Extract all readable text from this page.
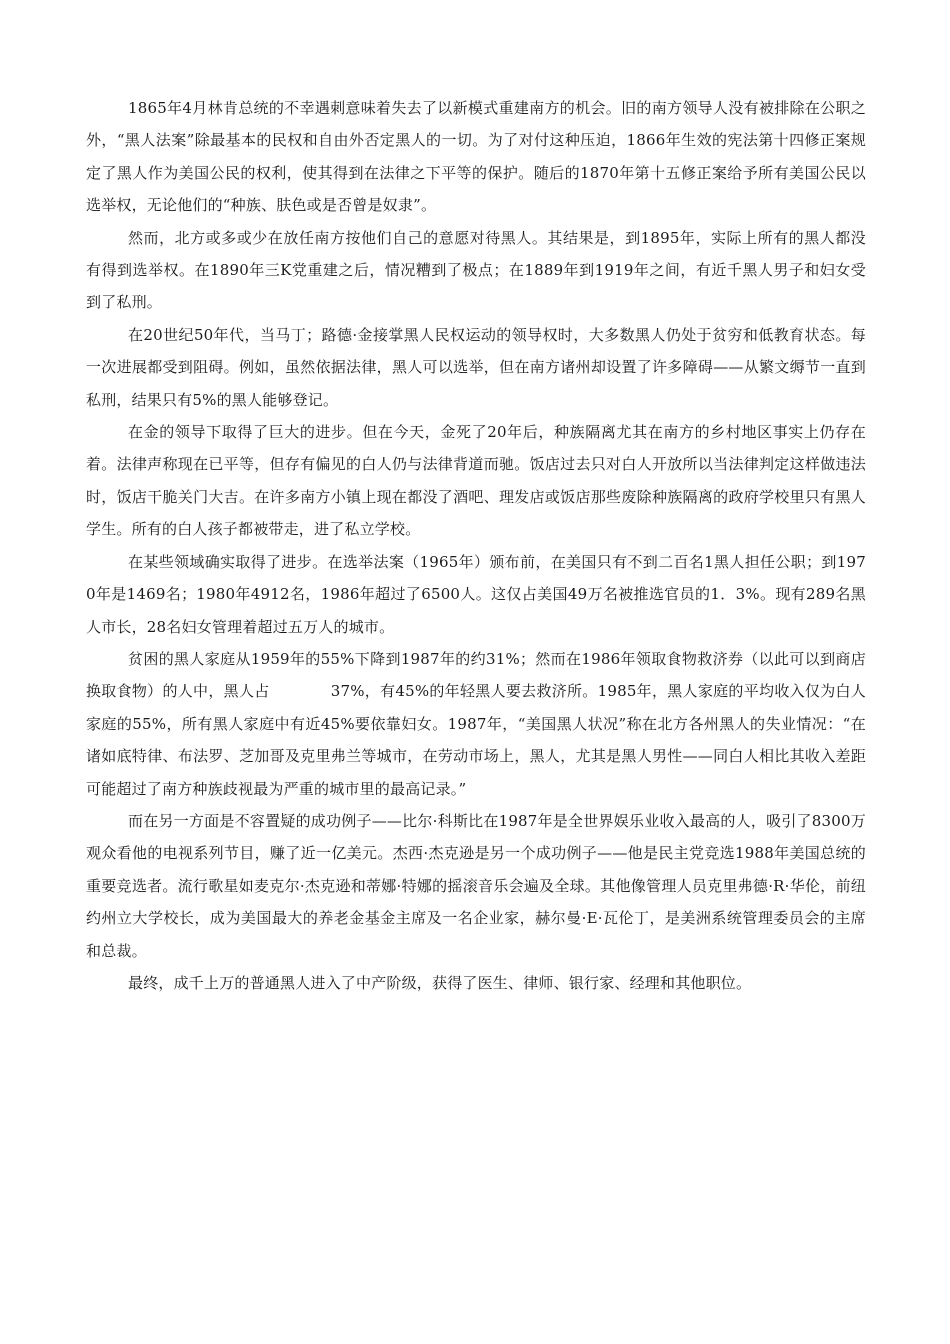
1865年4月林肯总统的不幸遇刺意味着失去了以新模式重建南方的机会。旧的南方领导人没有被排除在公职之外，“黑人法案”除最基本的民权和自由外否定黑人的一切。为了对付这种压迫，1866年生效的宪法第十四修正案规定了黑人作为美国公民的权利，使其得到在法律之下平等的保护。随后的1870年第十五修正案给予所有美国公民以选举权，无论他们的“种族、肤色或是否曾是奴隶”。

然而，北方或多或少在放任南方按他们自己的意愿对待黑人。其结果是，到1895年，实际上所有的黑人都没有得到选举权。在1890年三K党重建之后，情况糟到了极点；在1889年到1919年之间，有近千黑人男子和妇女受到了私刑。

在20世纪50年代，当马丁；路德·金接掌黑人民权运动的领导权时，大多数黑人仍处于贫穷和低教育状态。每一次进展都受到阻碍。例如，虽然依据法律，黑人可以选举，但在南方诸州却设置了许多障碍——从繁文缛节一直到私刑，结果只有5%的黑人能够登记。

在金的领导下取得了巨大的进步。但在今天，金死了20年后，种族隔离尤其在南方的乡村地区事实上仍存在着。法律声称现在已平等，但存有偏见的白人仍与法律背道而驰。饭店过去只对白人开放所以当法律判定这样做违法时，饭店干脆关门大吉。在许多南方小镇上现在都没了酒吧、理发店或饭店那些废除种族隔离的政府学校里只有黑人学生。所有的白人孩子都被带走，进了私立学校。

在某些领域确实取得了进步。在选举法案（1965年）颁布前，在美国只有不到二百名1黑人担任公职；到1970年是1469名；1980年4912名，1986年超过了6500人。这仅占美国49万名被推选官员的1．3%。现有289名黑人市长，28名妇女管理着超过五万人的城市。

贫困的黑人家庭从1959年的55%下降到1987年的约31%；然而在1986年领取食物救济券（以此可以到商店换取食物）的人中，黑人占　　　　37%，有45%的年轻黑人要去救济所。1985年，黑人家庭的平均收入仅为白人家庭的55%，所有黑人家庭中有近45%要依靠妇女。1987年，“美国黑人状况”称在北方各州黑人的失业情况：“在诸如底特律、布法罗、芝加哥及克里弗兰等城市，在劳动市场上，黑人，尤其是黑人男性——同白人相比其收入差距可能超过了南方种族歧视最为严重的城市里的最高记录。”

而在另一方面是不容置疑的成功例子——比尔·科斯比在1987年是全世界娱乐业收入最高的人，吸引了8300万观众看他的电视系列节目，赚了近一亿美元。杰西·杰克逊是另一个成功例子——他是民主党竞选1988年美国总统的重要竞选者。流行歌星如麦克尔·杰克逊和蒂娜·特娜的摇滚音乐会遍及全球。其他像管理人员克里弗德·R·华伦，前纽约州立大学校长，成为美国最大的养老金基金主席及一名企业家，赫尔曼·E·瓦伦丁，是美洲系统管理委员会的主席和总裁。

最终，成千上万的普通黑人进入了中产阶级，获得了医生、律师、银行家、经理和其他职位。
